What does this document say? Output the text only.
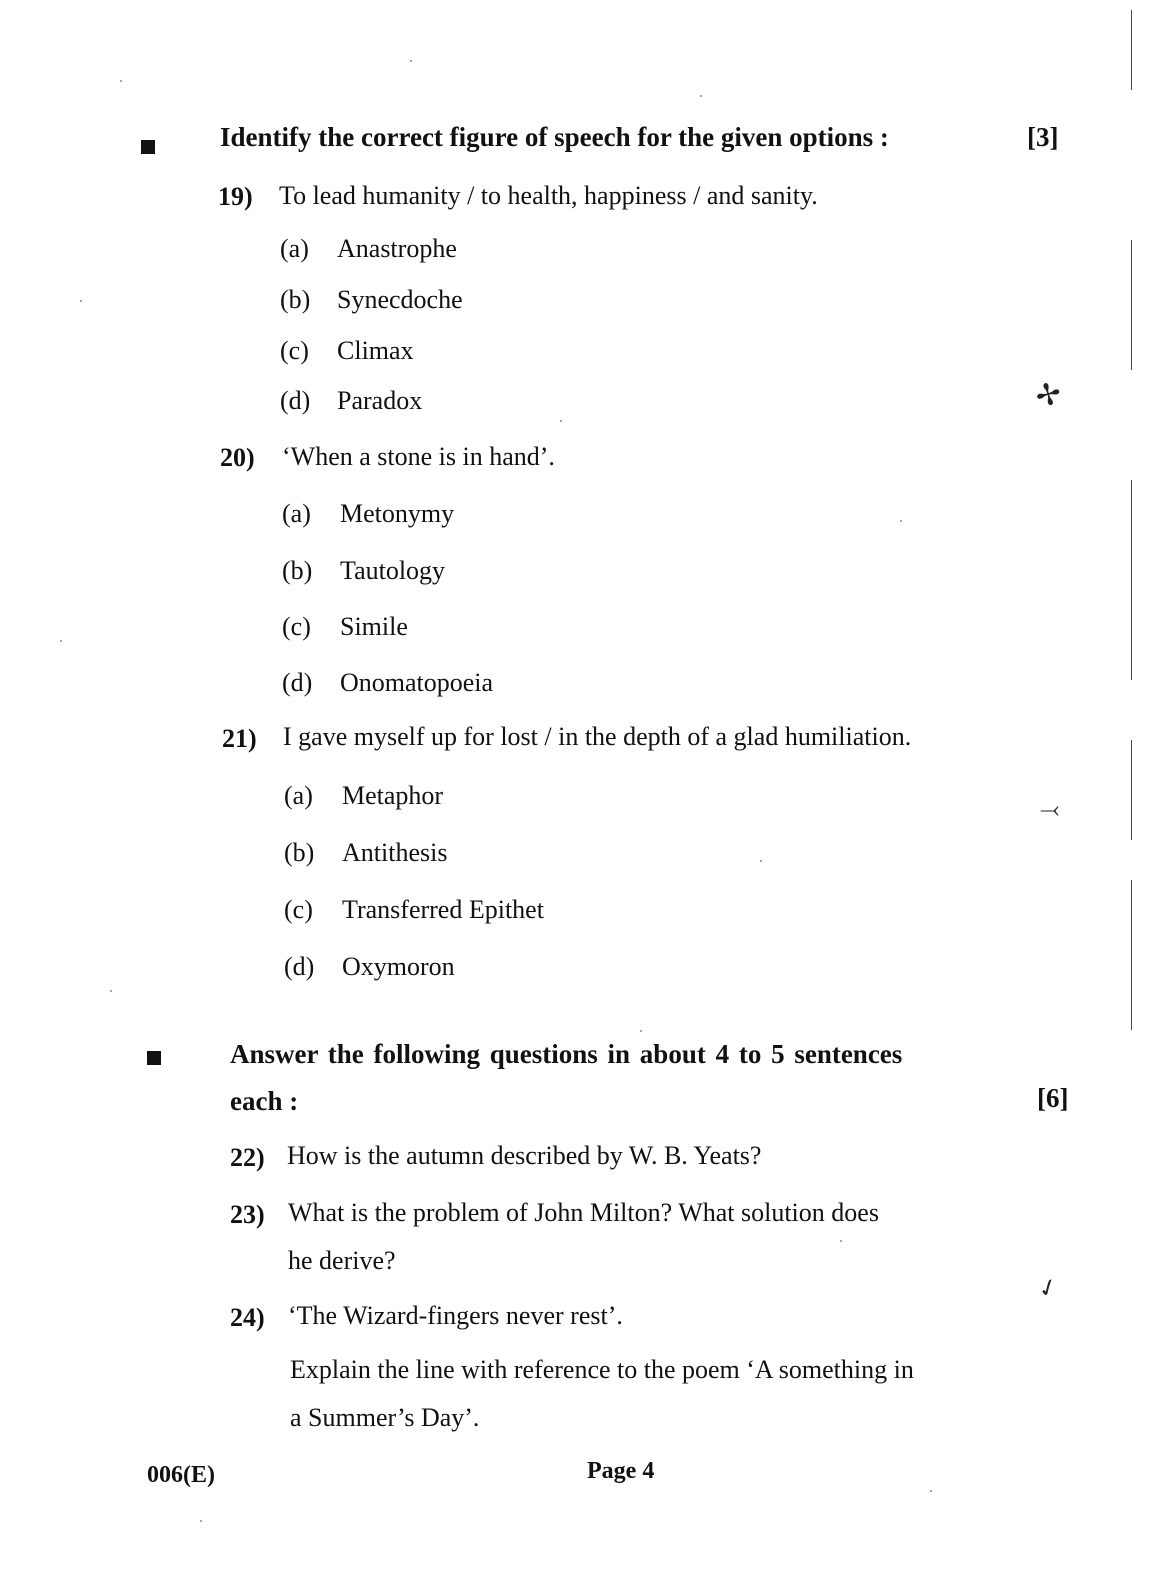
Identify the correct figure of speech for the given options :	[3]
19) To lead humanity / to health, happiness / and sanity.
(a) Anastrophe
(b) Synecdoche
(c) Climax
(d) Paradox
20) ‘When a stone is in hand’.
(a) Metonymy
(b) Tautology
(c) Simile
(d) Onomatopoeia
21) I gave myself up for lost / in the depth of a glad humiliation.
(a) Metaphor
(b) Antithesis
(c) Transferred Epithet
(d) Oxymoron
Answer the following questions in about 4 to 5 sentences
each :	[6]
22) How is the autumn described by W. B. Yeats?
23) What is the problem of John Milton? What solution does
he derive?
24) ‘The Wizard-fingers never rest’.
Explain the line with reference to the poem ‘A something in
a Summer’s Day’.
006(E)	Page 4
✢
⤙
✓
